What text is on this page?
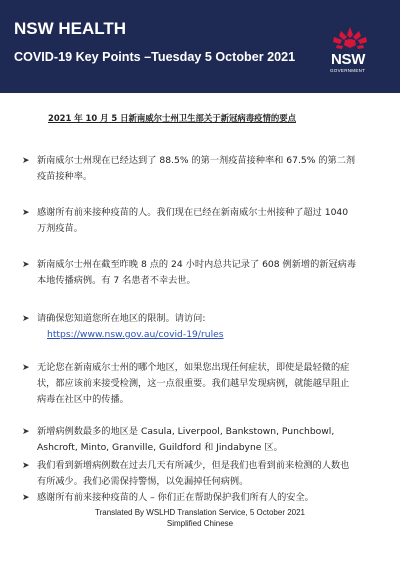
NSW HEALTH
COVID-19 Key Points –Tuesday 5 October 2021 NSW
GOVERNMENT
2021 年 10 月 5 日新南威尔士州卫生部关于新冠病毒疫情的要点
➤ 新南威尔士州现在已经达到了 88.5% 的第一剂疫苗接种率和 67.5% 的第二剂疫苗接种率。
➤ 感谢所有前来接种疫苗的人。我们现在已经在新南威尔士州接种了超过 1040 万剂疫苗。
➤ 新南威尔士州在截至昨晚 8 点的 24 小时内总共记录了 608 例新增的新冠病毒本地传播病例。有 7 名患者不幸去世。
➤ 请确保您知道您所在地区的限制。请访问:
https://www.nsw.gov.au/covid-19/rules
➤ 无论您在新南威尔士州的哪个地区，如果您出现任何症状，即使是最轻微的症状，都应该前来接受检测，这一点很重要。我们越早发现病例，就能越早阻止病毒在社区中的传播。
➤ 新增病例数最多的地区是 Casula, Liverpool, Bankstown, Punchbowl, Ashcroft, Minto, Granville, Guildford 和 Jindabyne 区。
➤ 我们看到新增病例数在过去几天有所减少，但是我们也看到前来检测的人数也有所减少。我们必需保持警惕，以免漏掉任何病例。
➤ 感谢所有前来接种疫苗的人 – 你们正在帮助保护我们所有人的安全。
Translated By WSLHD Translation Service, 5 October 2021
Simplified Chinese
